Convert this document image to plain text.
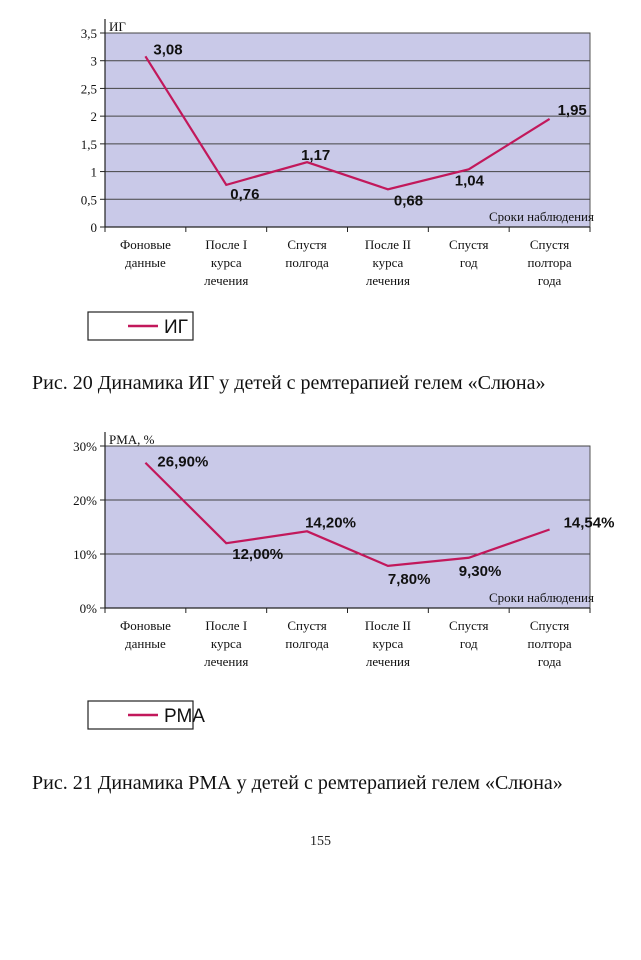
0
0,5
1
1,5
2
2,5
3
3,5 ИГ
Сроки наблюдения
Фоновые данные
После I курса лечения
Спустя полгода
После II курса лечения
Спустя год
Спустя полтора года
3,08
0,76
1,17
0,68
1,04
1,95
ИГ
Рис. 20 Динамика ИГ у детей с ремтерапией гелем «Слюна»
0%
10%
20%
30% РМА, %
Сроки наблюдения
Фоновые данные
После I курса лечения
Спустя полгода
После II курса лечения
Спустя год
Спустя полтора года
26,90%
12,00%
14,20%
7,80% 9,30%
14,54%
РМА
Рис. 21 Динамика РМА у детей с ремтерапией гелем «Слюна»
155
